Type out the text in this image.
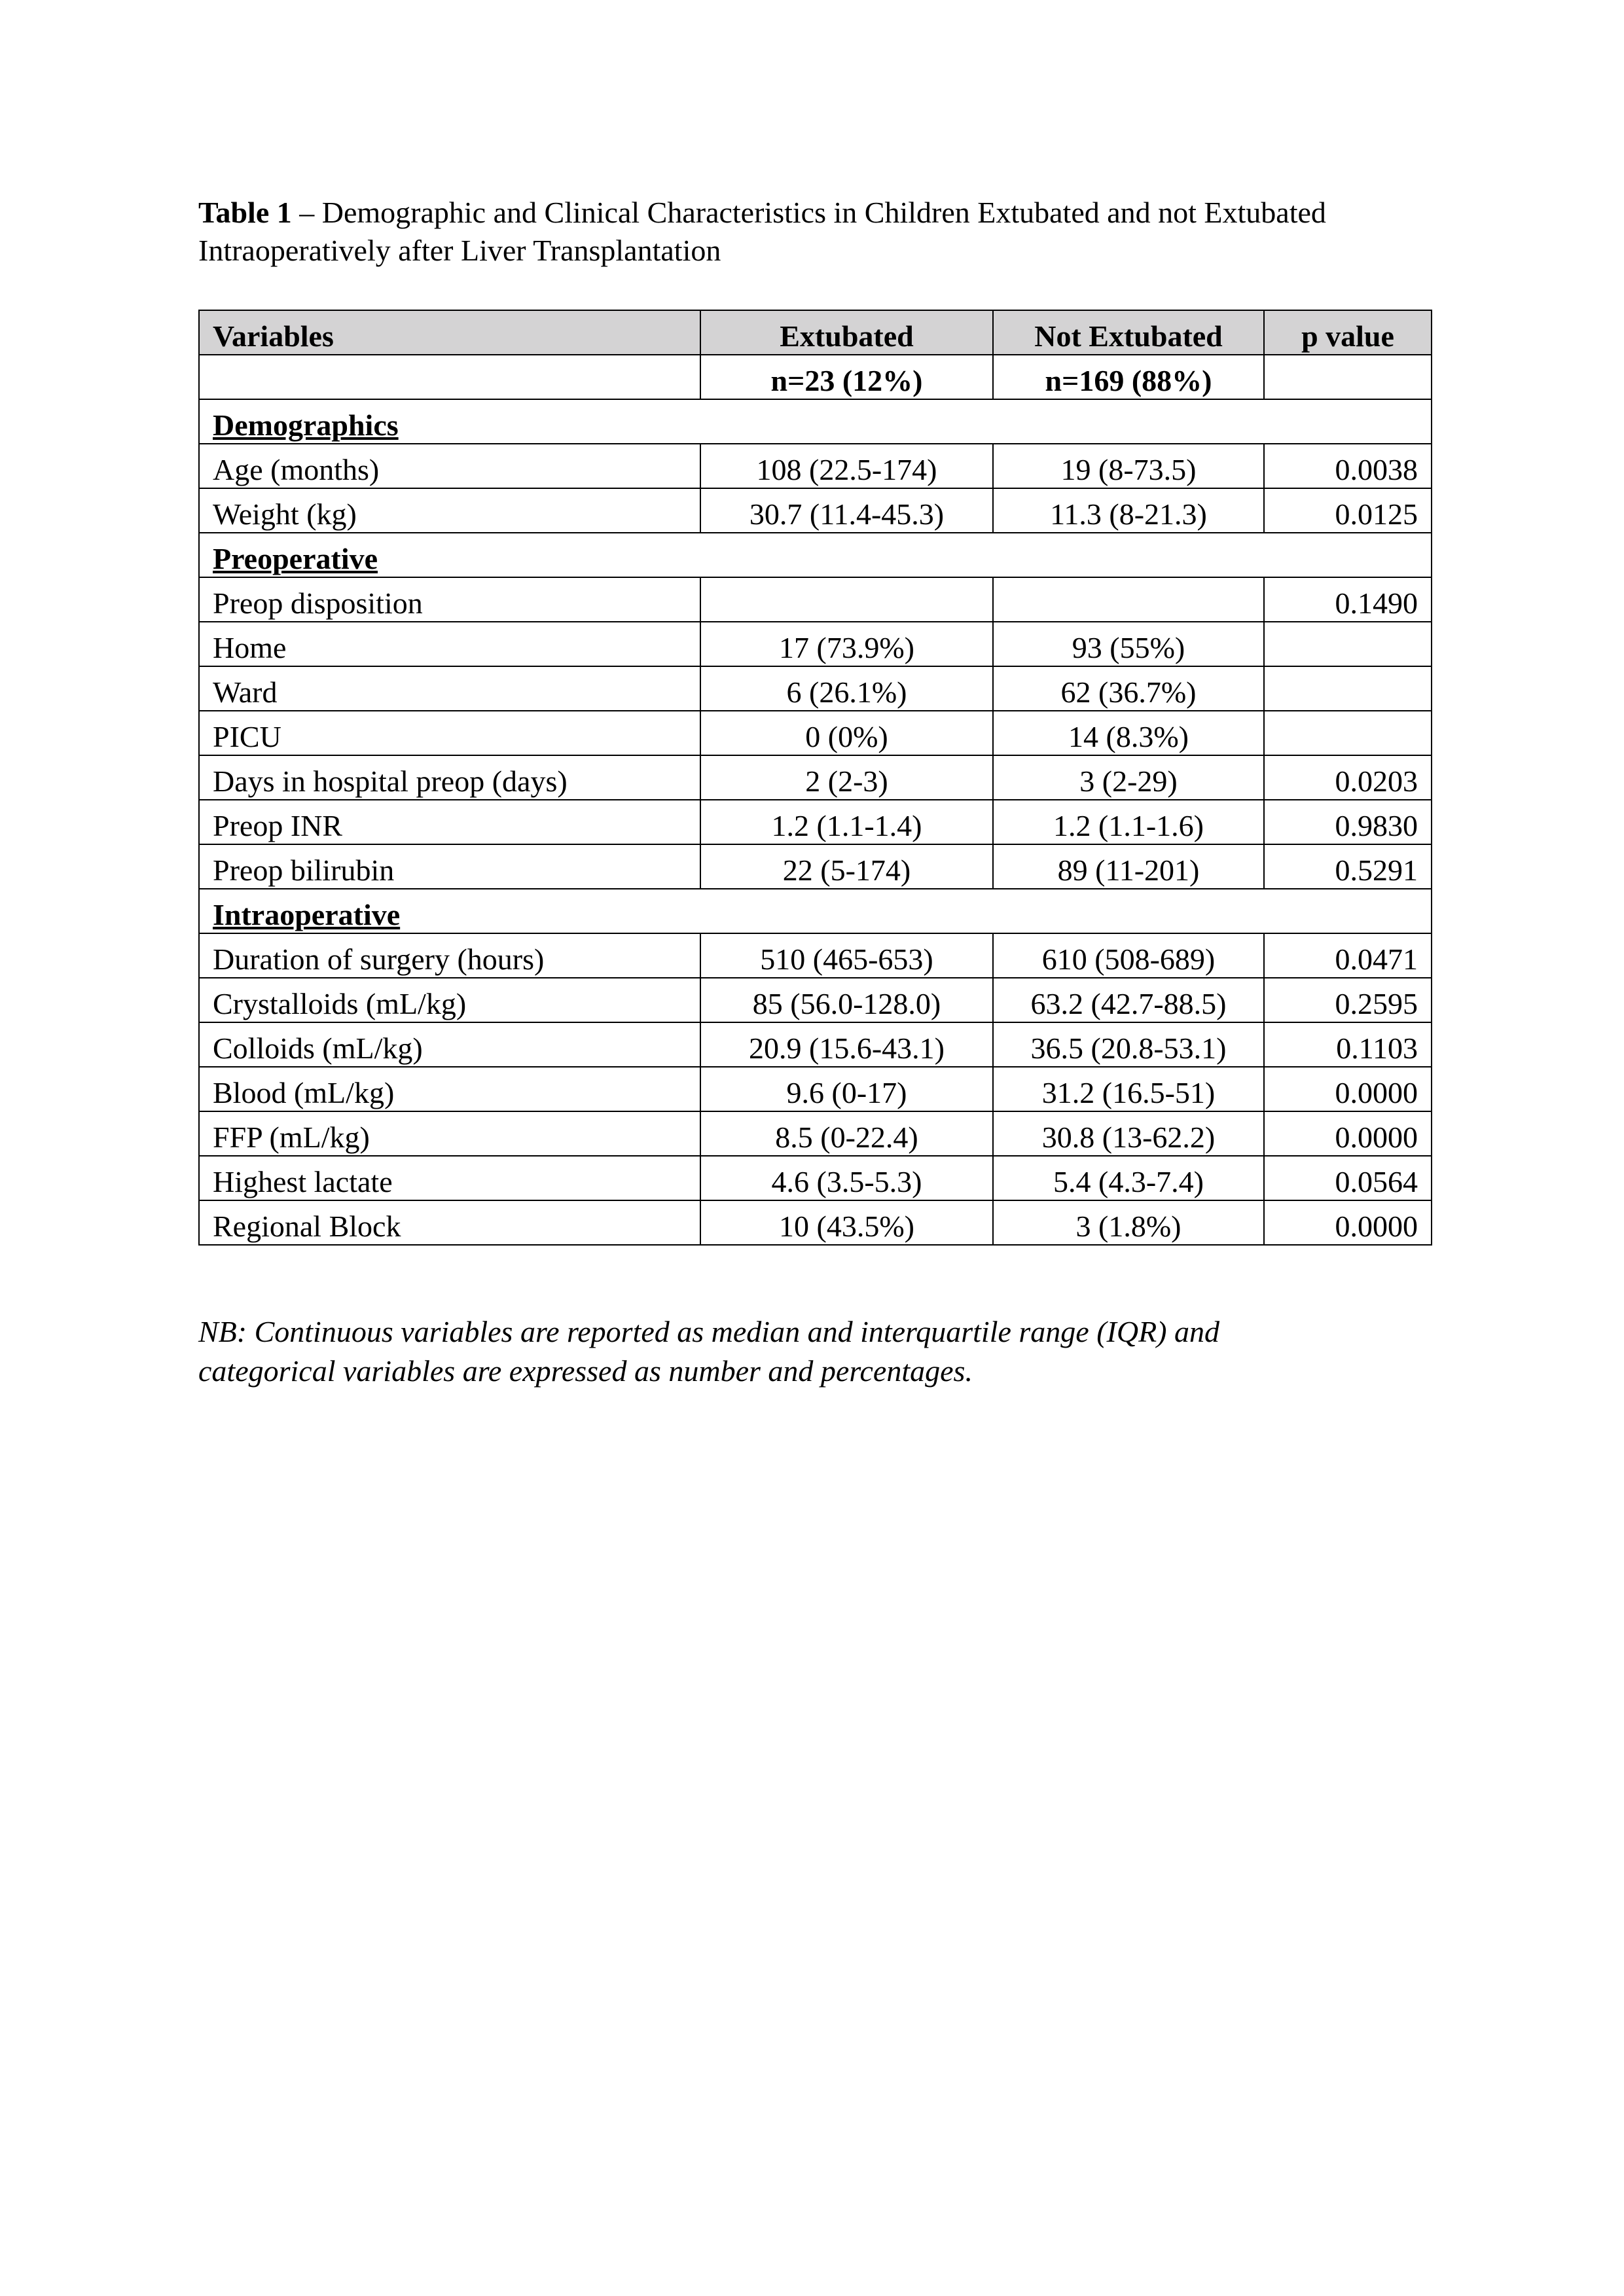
Table 1 – Demographic and Clinical Characteristics in Children Extubated and not Extubated
Intraoperatively after Liver Transplantation
Variables	Extubated	Not Extubated	p value
	n=23 (12%)	n=169 (88%)	
Demographics			
Age (months)	108 (22.5-174)	19 (8-73.5)	0.0038
Weight (kg)	30.7 (11.4-45.3)	11.3 (8-21.3)	0.0125
Preoperative			
Preop disposition			0.1490
Home	17 (73.9%)	93 (55%)	
Ward	6 (26.1%)	62 (36.7%)	
PICU	0 (0%)	14 (8.3%)	
Days in hospital preop (days)	2 (2-3)	3 (2-29)	0.0203
Preop INR	1.2 (1.1-1.4)	1.2 (1.1-1.6)	0.9830
Preop bilirubin	22 (5-174)	89 (11-201)	0.5291
Intraoperative			
Duration of surgery (hours)	510 (465-653)	610 (508-689)	0.0471
Crystalloids (mL/kg)	85 (56.0-128.0)	63.2 (42.7-88.5)	0.2595
Colloids (mL/kg)	20.9 (15.6-43.1)	36.5 (20.8-53.1)	0.1103
Blood (mL/kg)	9.6 (0-17)	31.2 (16.5-51)	0.0000
FFP (mL/kg)	8.5 (0-22.4)	30.8 (13-62.2)	0.0000
Highest lactate	4.6 (3.5-5.3)	5.4 (4.3-7.4)	0.0564
Regional Block	10 (43.5%)	3 (1.8%)	0.0000
NB: Continuous variables are reported as median and interquartile range (IQR) and
categorical variables are expressed as number and percentages.
